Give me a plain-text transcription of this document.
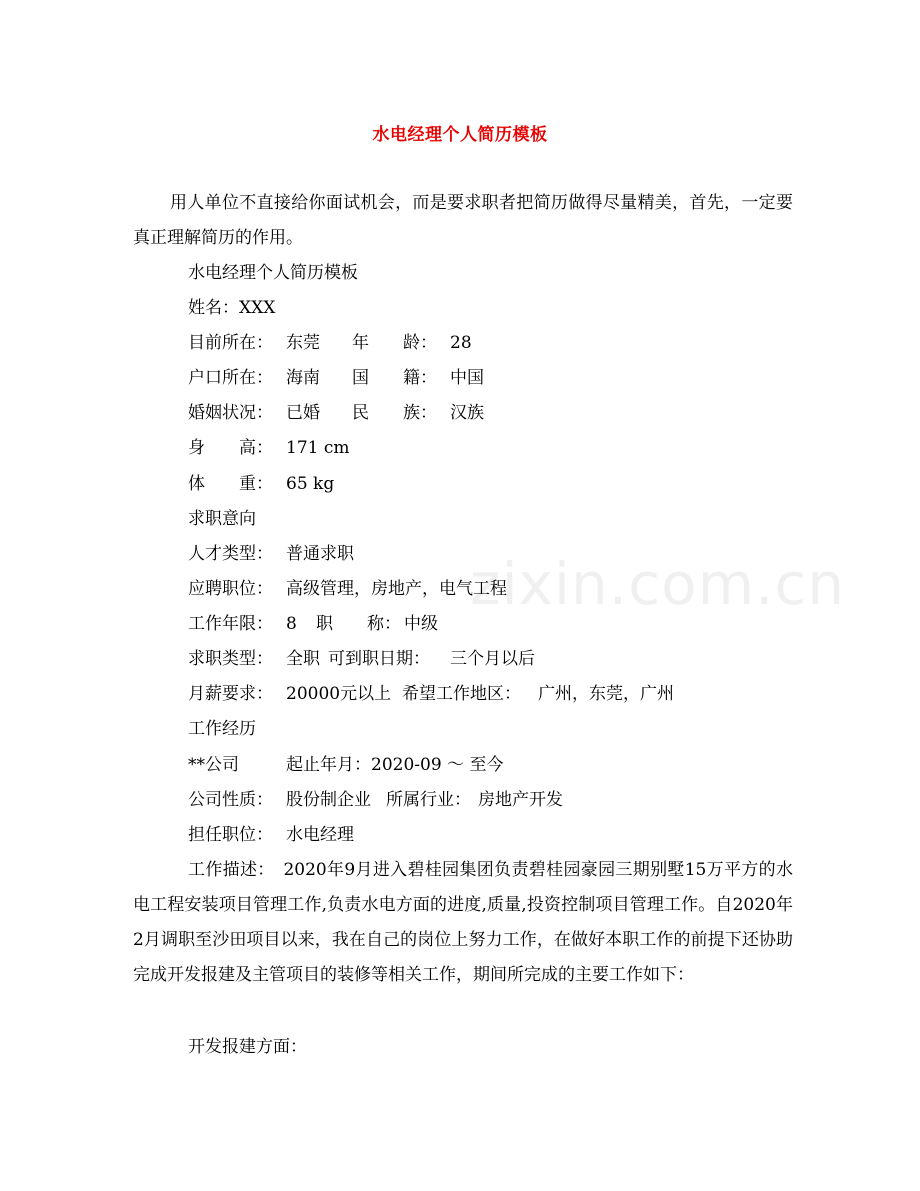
水电经理个人简历模板

用人单位不直接给你面试机会，而是要求职者把简历做得尽量精美，首先，一定要真正理解简历的作用。

水电经理个人简历模板
姓名：XXX
目前所在： 东莞 年　　龄： 28
户口所在： 海南 国　　籍： 中国
婚姻状况： 已婚 民　　族： 汉族
身　　高： 171 cm
体　　重： 65 kg
求职意向
人才类型： 普通求职
应聘职位： 高级管理，房地产，电气工程
工作年限： 8 职　　称： 中级
求职类型： 全职 可到职日期： 三个月以后
月薪要求： 20000元以上 希望工作地区： 广州，东莞，广州
工作经历
**公司	起止年月：2020-09 ～ 至今
公司性质： 股份制企业 所属行业： 房地产开发
担任职位： 水电经理

工作描述：　2020年9月进入碧桂园集团负责碧桂园豪园三期别墅15万平方的水电工程安装项目管理工作,负责水电方面的进度,质量,投资控制项目管理工作。自2020年2月调职至沙田项目以来，我在自己的岗位上努力工作，在做好本职工作的前提下还协助完成开发报建及主管项目的装修等相关工作，期间所完成的主要工作如下：

开发报建方面：
zixin.com.cn
